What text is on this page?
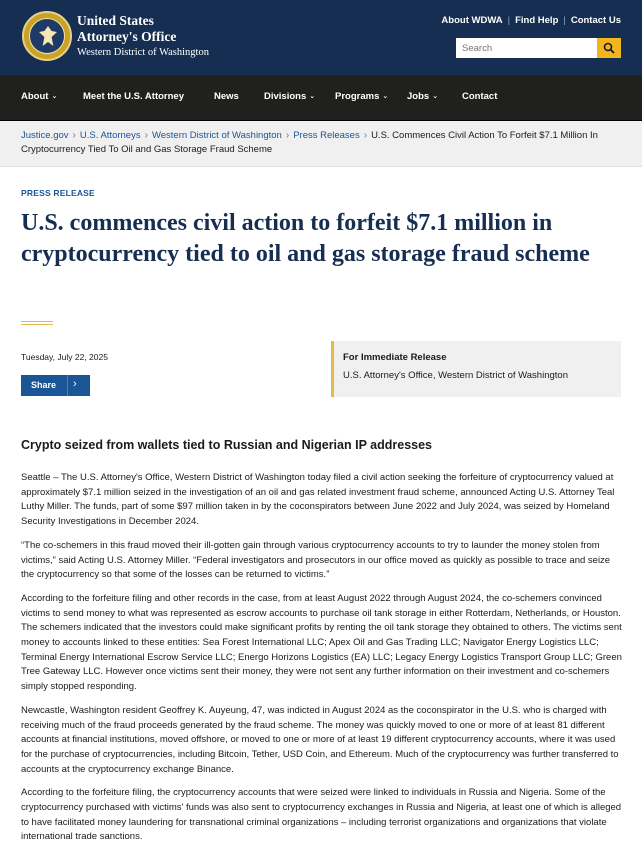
United States
Attorney's Office
Western District of Washington
About WDWA | Find Help | Contact Us
Search
About ⌄	Meet the U.S. Attorney	News	Divisions ⌄ Programs ⌄ Jobs ⌄	Contact
Justice.gov › U.S. Attorneys › Western District of Washington › Press Releases › U.S. Commences Civil Action To Forfeit $7.1 Million In Cryptocurrency Tied To Oil and Gas Storage Fraud Scheme
PRESS RELEASE
U.S. commences civil action to forfeit $7.1 million in cryptocurrency tied to oil and gas storage fraud scheme
Tuesday, July 22, 2025
Share ›
For Immediate Release
U.S. Attorney's Office, Western District of Washington
Crypto seized from wallets tied to Russian and Nigerian IP addresses

Seattle – The U.S. Attorney's Office, Western District of Washington today filed a civil action seeking the forfeiture of cryptocurrency valued at approximately $7.1 million seized in the investigation of an oil and gas related investment fraud scheme, announced Acting U.S. Attorney Teal Luthy Miller. The funds, part of some $97 million taken in by the coconspirators between June 2022 and July 2024, was seized by Homeland Security Investigations in December 2024.

“The co-schemers in this fraud moved their ill-gotten gain through various cryptocurrency accounts to try to launder the money stolen from victims,” said Acting U.S. Attorney Miller. “Federal investigators and prosecutors in our office moved as quickly as possible to trace and seize the cryptocurrency so that some of the losses can be returned to victims.”

According to the forfeiture filing and other records in the case, from at least August 2022 through August 2024, the co-schemers convinced victims to send money to what was represented as escrow accounts to purchase oil tank storage in either Rotterdam, Netherlands, or Houston. The schemers indicated that the investors could make significant profits by renting the oil tank storage they obtained to others. The victims sent money to accounts linked to these entities: Sea Forest International LLC; Apex Oil and Gas Trading LLC; Navigator Energy Logistics LLC; Terminal Energy International Escrow Service LLC; Energo Horizons Logistics (EA) LLC; Legacy Energy Logistics Transport Group LLC; Green Tree Gateway LLC. However once victims sent their money, they were not sent any further information on their investment and co-schemers simply stopped responding.

Newcastle, Washington resident Geoffrey K. Auyeung, 47, was indicted in August 2024 as the coconspirator in the U.S. who is charged with receiving much of the fraud proceeds generated by the fraud scheme. The money was quickly moved to one or more of at least 81 different accounts at financial institutions, moved offshore, or moved to one or more of at least 19 different cryptocurrency accounts, where it was used for the purchase of cryptocurrencies, including Bitcoin, Tether, USD Coin, and Ethereum. Much of the cryptocurrency was further transferred to accounts at the cryptocurrency exchange Binance.

According to the forfeiture filing, the cryptocurrency accounts that were seized were linked to individuals in Russia and Nigeria. Some of the cryptocurrency purchased with victims' funds was also sent to cryptocurrency exchanges in Russia and Nigeria, at least one of which is alleged to have facilitated money laundering for transnational criminal organizations – including terrorist organizations and organizations that violate international trade sanctions.
